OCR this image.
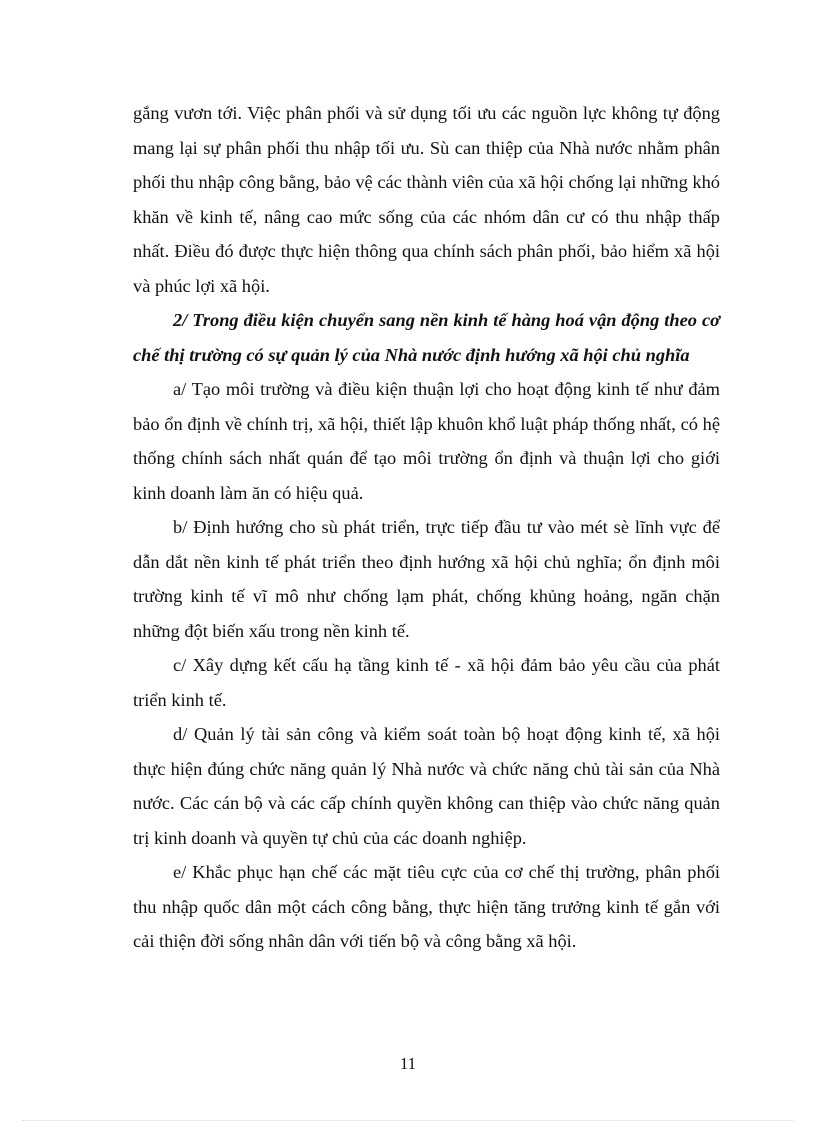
gắng vươn tới. Việc phân phối và sử dụng tối ưu các nguồn lực không tự động mang lại sự phân phối thu nhập tối ưu. Sù can thiệp của Nhà nước nhằm phân phối thu nhập công bằng, bảo vệ các thành viên của xã hội chống lại những khó khăn về kinh tế, nâng cao mức sống của các nhóm dân cư có thu nhập thấp nhất. Điều đó được thực hiện thông qua chính sách phân phối, bảo hiểm xã hội và phúc lợi xã hội.

2/ Trong điều kiện chuyển sang nền kinh tế hàng hoá vận động theo cơ chế thị trường có sự quản lý của Nhà nước định hướng xã hội chủ nghĩa

a/ Tạo môi trường và điều kiện thuận lợi cho hoạt động kinh tế như đảm bảo ổn định về chính trị, xã hội, thiết lập khuôn khổ luật pháp thống nhất, có hệ thống chính sách nhất quán để tạo môi trường ổn định và thuận lợi cho giới kinh doanh làm ăn có hiệu quả.

b/ Định hướng cho sù phát triển, trực tiếp đầu tư vào mét sè lĩnh vực để dẫn dắt nền kinh tế phát triển theo định hướng xã hội chủ nghĩa; ổn định môi trường kinh tế vĩ mô như chống lạm phát, chống khủng hoảng, ngăn chặn những đột biến xấu trong nền kinh tế.

c/ Xây dựng kết cấu hạ tầng kinh tế - xã hội đảm bảo yêu cầu của phát triển kinh tế.

d/ Quản lý tài sản công và kiểm soát toàn bộ hoạt động kinh tế, xã hội thực hiện đúng chức năng quản lý Nhà nước và chức năng chủ tài sản của Nhà nước. Các cán bộ và các cấp chính quyền không can thiệp vào chức năng quản trị kinh doanh và quyền tự chủ của các doanh nghiệp.

e/ Khắc phục hạn chế các mặt tiêu cực của cơ chế thị trường, phân phối thu nhập quốc dân một cách công bằng, thực hiện tăng trưởng kinh tế gắn với cải thiện đời sống nhân dân với tiến bộ và công bằng xã hội.

11
